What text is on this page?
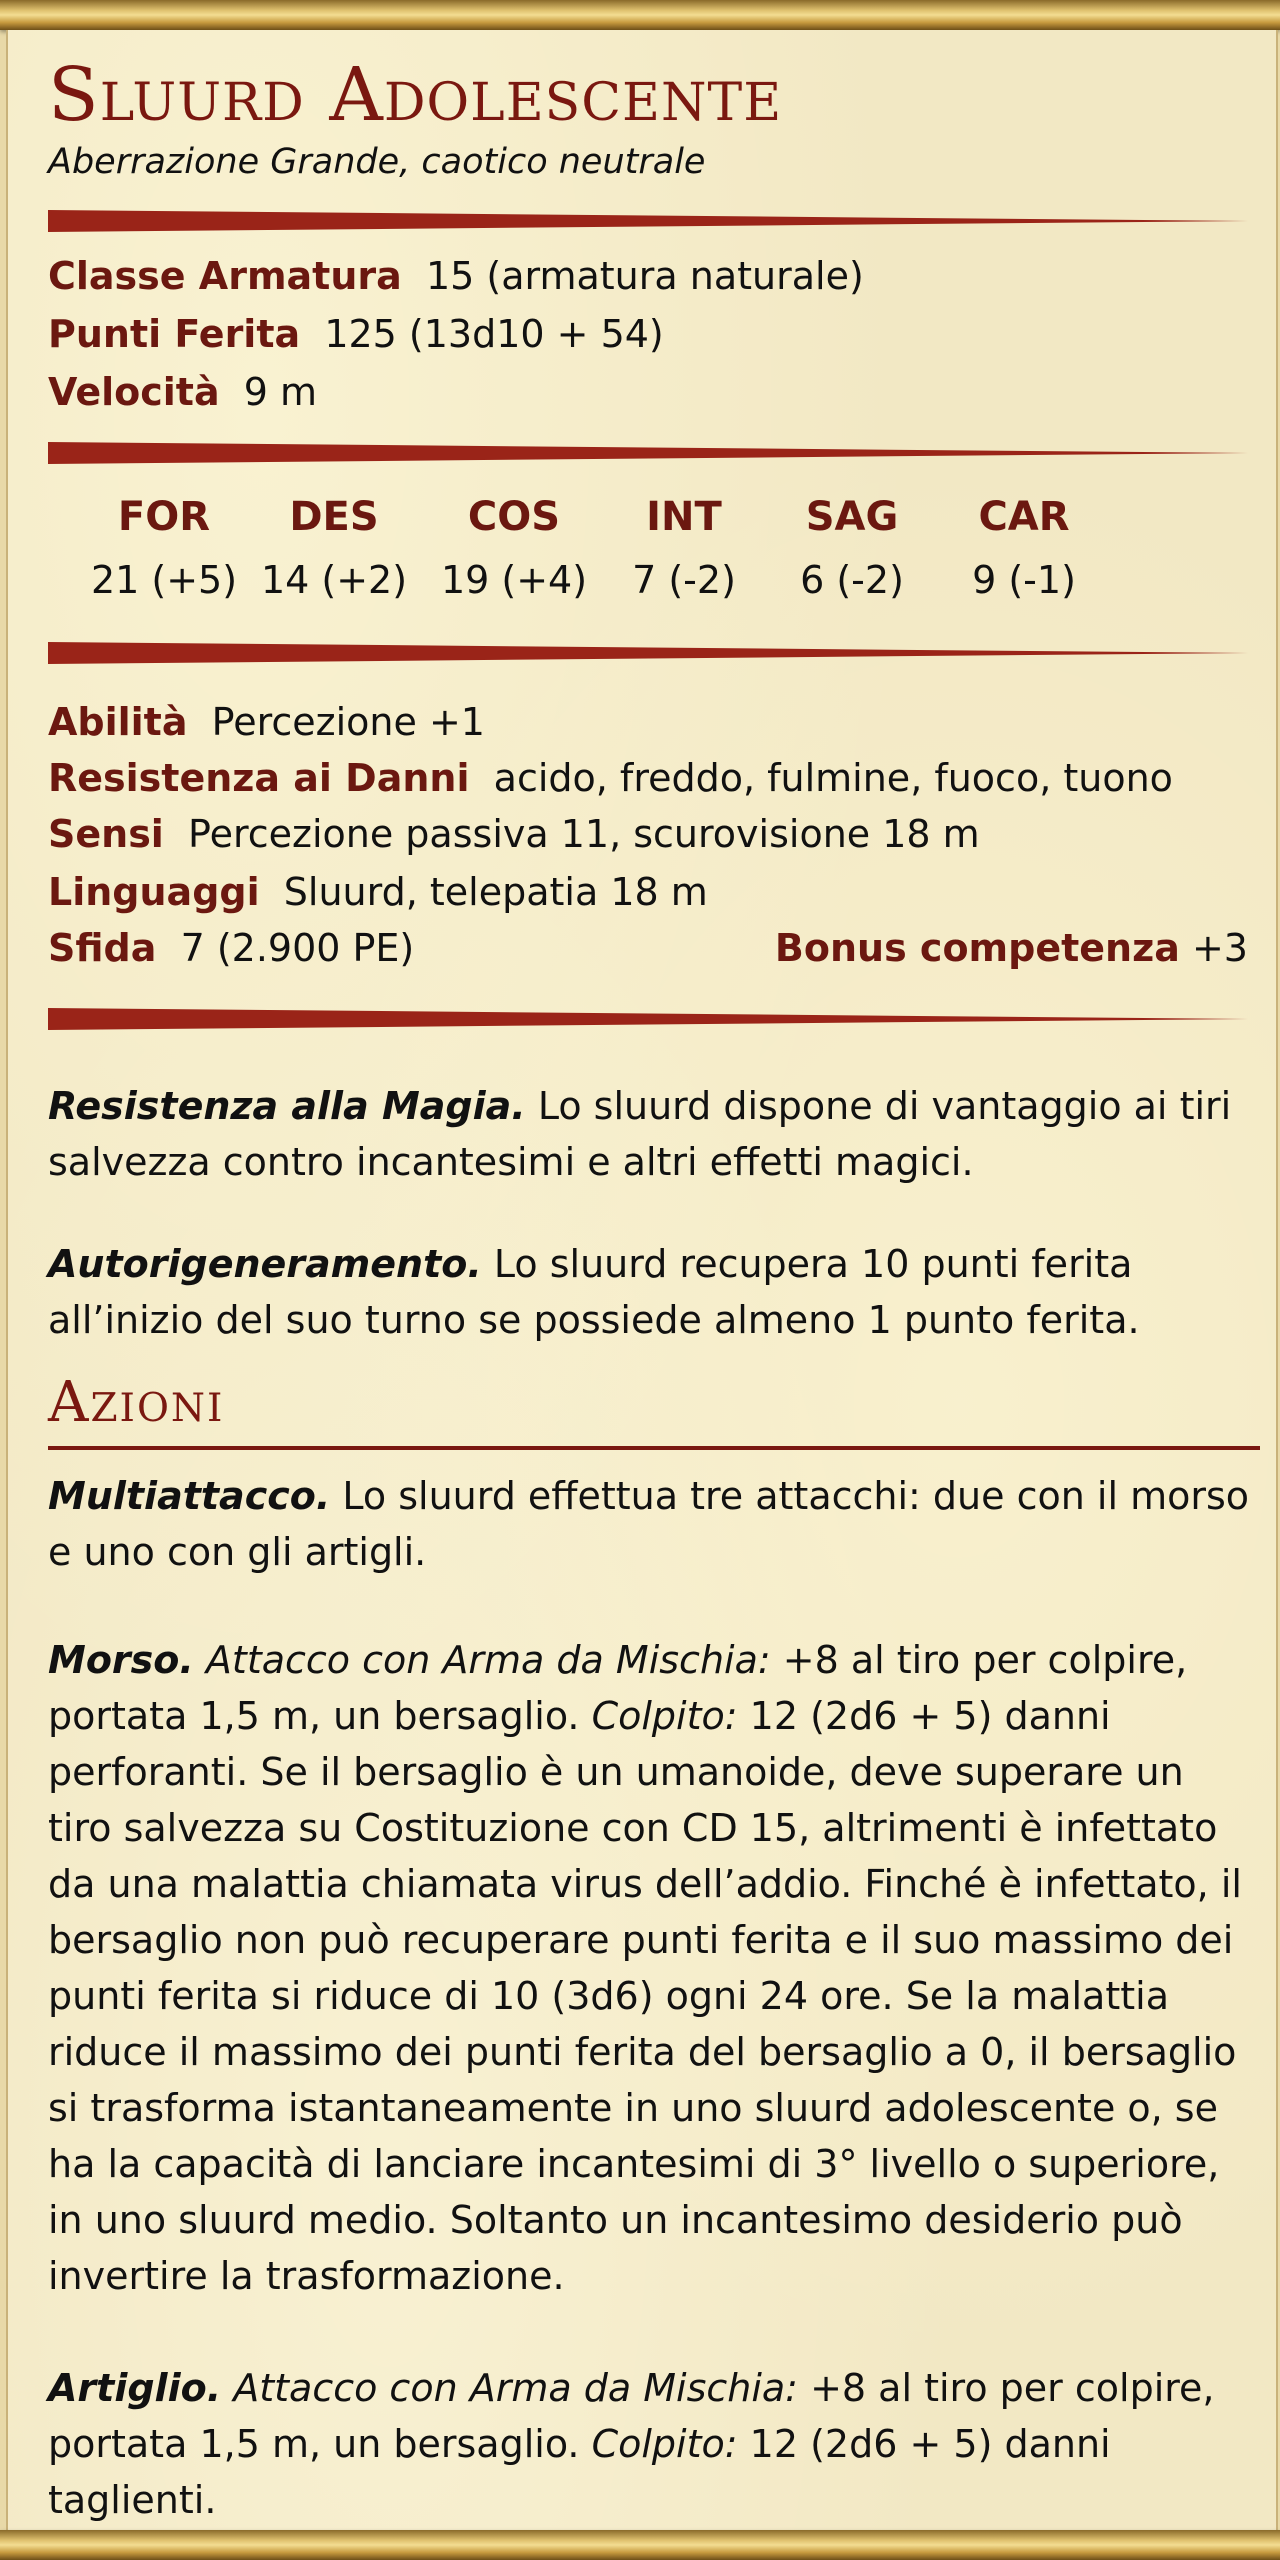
Sluurd Adolescente
Aberrazione Grande, caotico neutrale
Classe Armatura 15 (armatura naturale)
Punti Ferita 125 (13d10 + 54)
Velocità 9 m
FOR
21 (+5)
DES
14 (+2)
COS
19 (+4)
INT
7 (-2)
SAG
6 (-2)
CAR
9 (-1)
Abilità Percezione +1
Resistenza ai Danni acido, freddo, fulmine, fuoco, tuono
Sensi Percezione passiva 11, scurovisione 18 m
Linguaggi Sluurd, telepatia 18 m
Sfida 7 (2.900 PE)	Bonus competenza +3
Resistenza alla Magia. Lo sluurd dispone di vantaggio ai tiri salvezza contro incantesimi e altri effetti magici.
Autorigeneramento. Lo sluurd recupera 10 punti ferita all’inizio del suo turno se possiede almeno 1 punto ferita.
Azioni
Multiattacco. Lo sluurd effettua tre attacchi: due con il morso e uno con gli artigli.
Morso. Attacco con Arma da Mischia: +8 al tiro per colpire, portata 1,5 m, un bersaglio. Colpito: 12 (2d6 + 5) danni perforanti. Se il bersaglio è un umanoide, deve superare un tiro salvezza su Costituzione con CD 15, altrimenti è infettato da una malattia chiamata virus dell’addio. Finché è infettato, il bersaglio non può recuperare punti ferita e il suo massimo dei punti ferita si riduce di 10 (3d6) ogni 24 ore. Se la malattia riduce il massimo dei punti ferita del bersaglio a 0, il bersaglio si trasforma istantaneamente in uno sluurd adolescente o, se ha la capacità di lanciare incantesimi di 3° livello o superiore, in uno sluurd medio. Soltanto un incantesimo desiderio può invertire la trasformazione.
Artiglio. Attacco con Arma da Mischia: +8 al tiro per colpire, portata 1,5 m, un bersaglio. Colpito: 12 (2d6 + 5) danni taglienti.
